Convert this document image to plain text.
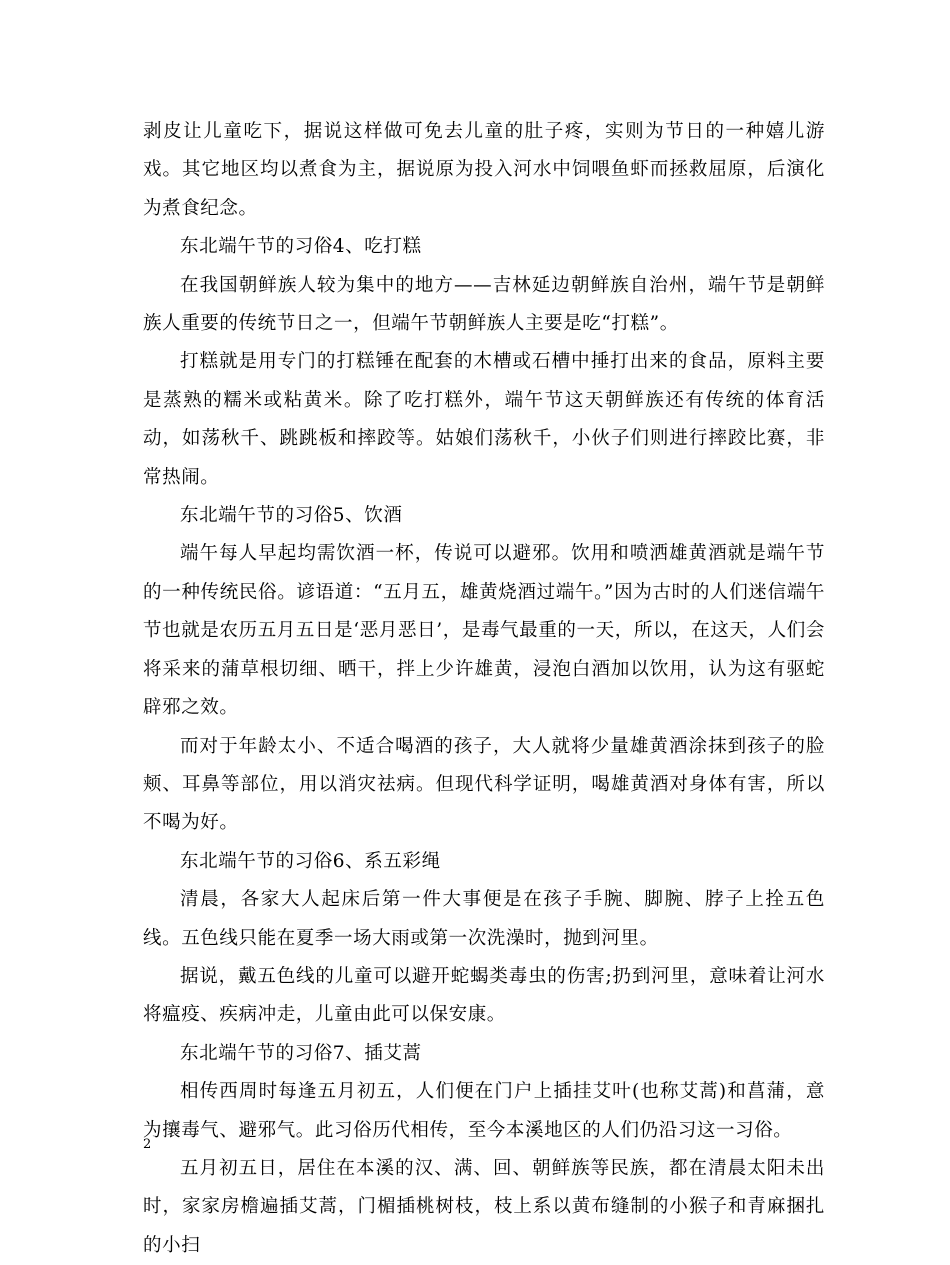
剥皮让儿童吃下，据说这样做可免去儿童的肚子疼，实则为节日的一种嬉儿游戏。其它地区均以煮食为主，据说原为投入河水中饲喂鱼虾而拯救屈原，后演化为煮食纪念。

东北端午节的习俗4、吃打糕

在我国朝鲜族人较为集中的地方——吉林延边朝鲜族自治州，端午节是朝鲜族人重要的传统节日之一，但端午节朝鲜族人主要是吃“打糕”。

打糕就是用专门的打糕锤在配套的木槽或石槽中捶打出来的食品，原料主要是蒸熟的糯米或粘黄米。除了吃打糕外，端午节这天朝鲜族还有传统的体育活动，如荡秋千、跳跳板和摔跤等。姑娘们荡秋千，小伙子们则进行摔跤比赛，非常热闹。

东北端午节的习俗5、饮酒

端午每人早起均需饮酒一杯，传说可以避邪。饮用和喷洒雄黄酒就是端午节的一种传统民俗。谚语道：“五月五，雄黄烧酒过端午。”因为古时的人们迷信端午节也就是农历五月五日是‘恶月恶日’，是毒气最重的一天，所以，在这天，人们会将采来的蒲草根切细、晒干，拌上少许雄黄，浸泡白酒加以饮用，认为这有驱蛇辟邪之效。

而对于年龄太小、不适合喝酒的孩子，大人就将少量雄黄酒涂抹到孩子的脸颊、耳鼻等部位，用以消灾祛病。但现代科学证明，喝雄黄酒对身体有害，所以不喝为好。

东北端午节的习俗6、系五彩绳

清晨，各家大人起床后第一件大事便是在孩子手腕、脚腕、脖子上拴五色线。五色线只能在夏季一场大雨或第一次洗澡时，抛到河里。

据说，戴五色线的儿童可以避开蛇蝎类毒虫的伤害;扔到河里，意味着让河水将瘟疫、疾病冲走，儿童由此可以保安康。

东北端午节的习俗7、插艾蒿

相传西周时每逢五月初五，人们便在门户上插挂艾叶(也称艾蒿)和菖蒲，意为攘毒气、避邪气。此习俗历代相传，至今本溪地区的人们仍沿习这一习俗。

五月初五日，居住在本溪的汉、满、回、朝鲜族等民族，都在清晨太阳未出时，家家房檐遍插艾蒿，门楣插桃树枝，枝上系以黄布缝制的小猴子和青麻捆扎的小扫

2
